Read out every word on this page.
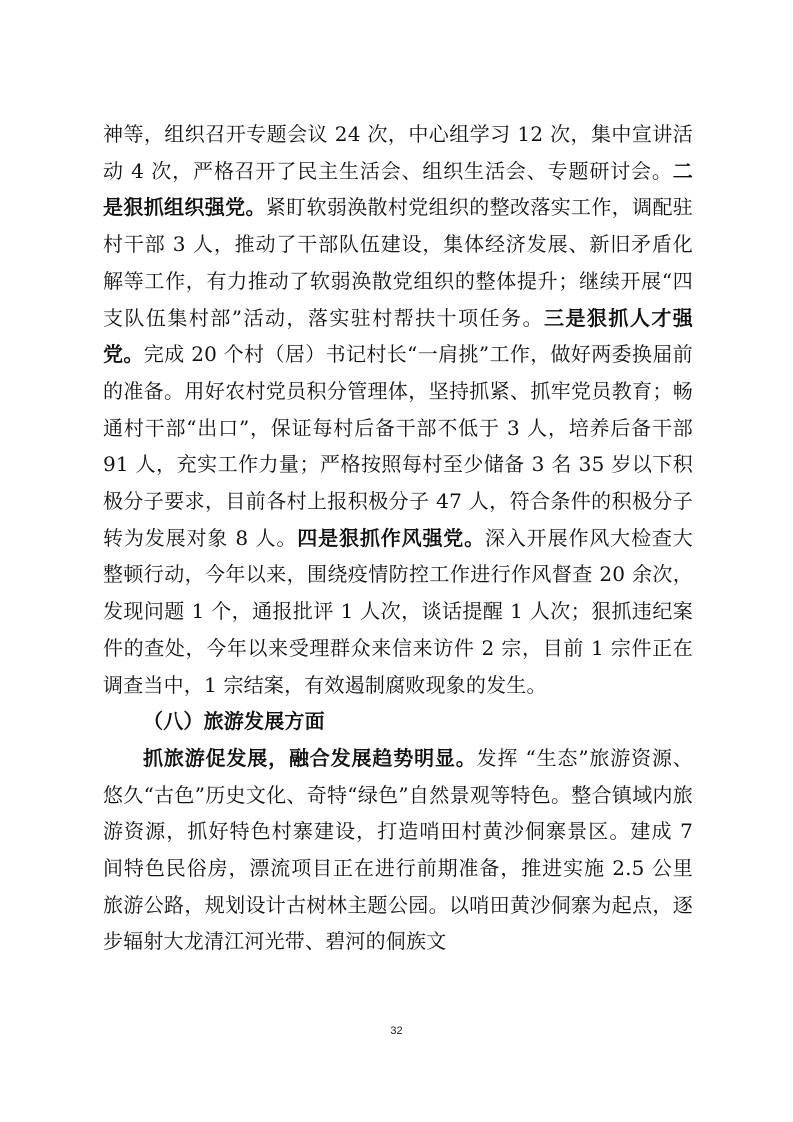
神等，组织召开专题会议 24 次，中心组学习 12 次，集中宣讲活动 4 次，严格召开了民主生活会、组织生活会、专题研讨会。二是狠抓组织强党。紧盯软弱涣散村党组织的整改落实工作，调配驻村干部 3 人，推动了干部队伍建设，集体经济发展、新旧矛盾化解等工作，有力推动了软弱涣散党组织的整体提升；继续开展“四支队伍集村部”活动，落实驻村帮扶十项任务。三是狠抓人才强党。完成 20 个村（居）书记村长“一肩挑”工作，做好两委换届前的准备。用好农村党员积分管理体，坚持抓紧、抓牢党员教育；畅通村干部“出口”，保证每村后备干部不低于 3 人，培养后备干部 91 人，充实工作力量；严格按照每村至少储备 3 名 35 岁以下积极分子要求，目前各村上报积极分子 47 人，符合条件的积极分子转为发展对象 8 人。四是狠抓作风强党。深入开展作风大检查大整顿行动，今年以来，围绕疫情防控工作进行作风督查 20 余次，发现问题 1 个，通报批评 1 人次，谈话提醒 1 人次；狠抓违纪案件的查处，今年以来受理群众来信来访件 2 宗，目前 1 宗件正在调查当中，1 宗结案，有效遏制腐败现象的发生。

（八）旅游发展方面

抓旅游促发展，融合发展趋势明显。发挥 “生态”旅游资源、悠久“古色”历史文化、奇特“绿色”自然景观等特色。整合镇域内旅游资源，抓好特色村寨建设，打造哨田村黄沙侗寨景区。建成 7 间特色民俗房，漂流项目正在进行前期准备，推进实施 2.5 公里旅游公路，规划设计古树林主题公园。以哨田黄沙侗寨为起点，逐步辐射大龙清江河光带、碧河的侗族文

32
